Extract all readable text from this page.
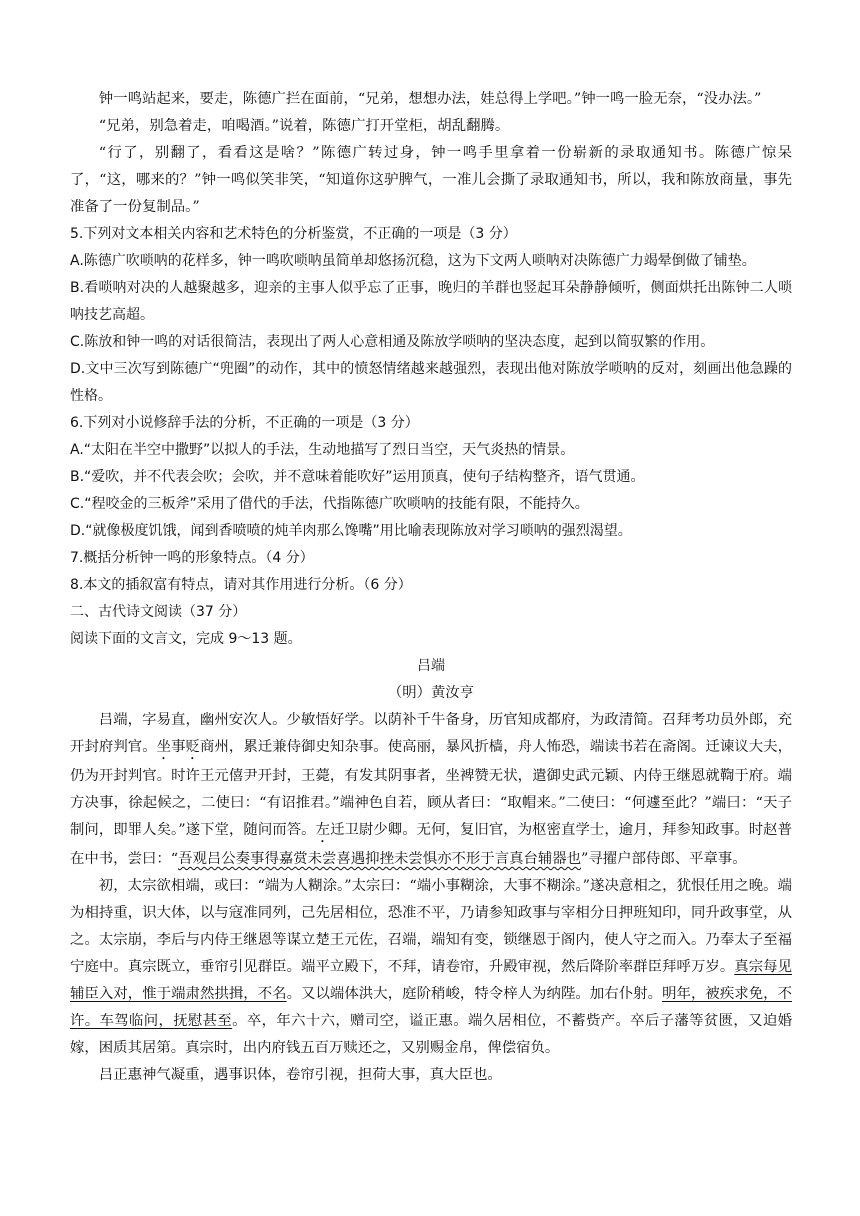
钟一鸣站起来，要走，陈德广拦在面前，“兄弟，想想办法，娃总得上学吧。”钟一鸣一脸无奈，“没办法。”

“兄弟，别急着走，咱喝酒。”说着，陈德广打开堂柜，胡乱翻腾。

“行了，别翻了，看看这是啥？”陈德广转过身，钟一鸣手里拿着一份崭新的录取通知书。陈德广惊呆了，“这，哪来的？”钟一鸣似笑非笑，“知道你这驴脾气，一准儿会撕了录取通知书，所以，我和陈放商量，事先准备了一份复制品。”

5.下列对文本相关内容和艺术特色的分析鉴赏，不正确的一项是（3 分）

A.陈德广吹唢呐的花样多，钟一鸣吹唢呐虽简单却悠扬沉稳，这为下文两人唢呐对决陈德广力竭晕倒做了铺垫。

B.看唢呐对决的人越聚越多，迎亲的主事人似乎忘了正事，晚归的羊群也竖起耳朵静静倾听，侧面烘托出陈钟二人唢呐技艺高超。

C.陈放和钟一鸣的对话很简洁，表现出了两人心意相通及陈放学唢呐的坚决态度，起到以简驭繁的作用。

D.文中三次写到陈德广“兜圈”的动作，其中的愤怒情绪越来越强烈，表现出他对陈放学唢呐的反对，刻画出他急躁的性格。

6.下列对小说修辞手法的分析，不正确的一项是（3 分）

A.“太阳在半空中撒野”以拟人的手法，生动地描写了烈日当空，天气炎热的情景。

B.“爱吹，并不代表会吹；会吹，并不意味着能吹好”运用顶真，使句子结构整齐，语气贯通。

C.“程咬金的三板斧”采用了借代的手法，代指陈德广吹唢呐的技能有限，不能持久。

D.“就像极度饥饿，闻到香喷喷的炖羊肉那么馋嘴”用比喻表现陈放对学习唢呐的强烈渴望。

7.概括分析钟一鸣的形象特点。（4 分）

8.本文的插叙富有特点，请对其作用进行分析。（6 分）

二、古代诗文阅读（37 分）

阅读下面的文言文，完成 9～13 题。

吕端

（明）黄汝亨

吕端，字易直，幽州安次人。少敏悟好学。以荫补千牛备身，历官知成都府，为政清简。召拜考功员外郎，充开封府判官。坐事贬商州，累迁兼侍御史知杂事。使高丽，暴风折樯，舟人怖恐，端读书若在斋阁。迁谏议大夫，仍为开封判官。时许王元僖尹开封，王薨，有发其阴事者，坐裨赞无状，遣御史武元颖、内侍王继恩就鞫于府。端方决事，徐起候之，二使曰：“有诏推君。”端神色自若，顾从者曰：“取帽来。”二使曰：“何遽至此？”端曰：“天子制问，即罪人矣。”遂下堂，随问而答。左迁卫尉少卿。无何，复旧官，为枢密直学士，逾月，拜参知政事。时赵普在中书，尝曰：“吾观吕公奏事得嘉赏未尝喜遇抑挫未尝惧亦不形于言真台辅器也”寻擢户部侍郎、平章事。

初，太宗欲相端，或曰：“端为人糊涂。”太宗曰：“端小事糊涂，大事不糊涂。”遂决意相之，犹恨任用之晚。端为相持重，识大体，以与寇准同列，己先居相位，恐准不平，乃请参知政事与宰相分日押班知印，同升政事堂，从之。太宗崩，李后与内侍王继恩等谋立楚王元佐，召端，端知有变，锁继恩于阁内，使人守之而入。乃奉太子至福宁庭中。真宗既立，垂帘引见群臣。端平立殿下，不拜，请卷帘，升殿审视，然后降阶率群臣拜呼万岁。真宗每见辅臣入对，惟于端肃然拱揖，不名。又以端体洪大，庭阶稍峻，特令梓人为纳陛。加右仆射。明年，被疾求免，不许。车驾临问，抚慰甚至。卒，年六十六，赠司空，谥正惠。端久居相位，不蓄赀产。卒后子藩等贫匮，又迫婚嫁，困质其居第。真宗时，出内府钱五百万赎还之，又别赐金帛，俾偿宿负。

吕正惠神气凝重，遇事识体，卷帘引视，担荷大事，真大臣也。
